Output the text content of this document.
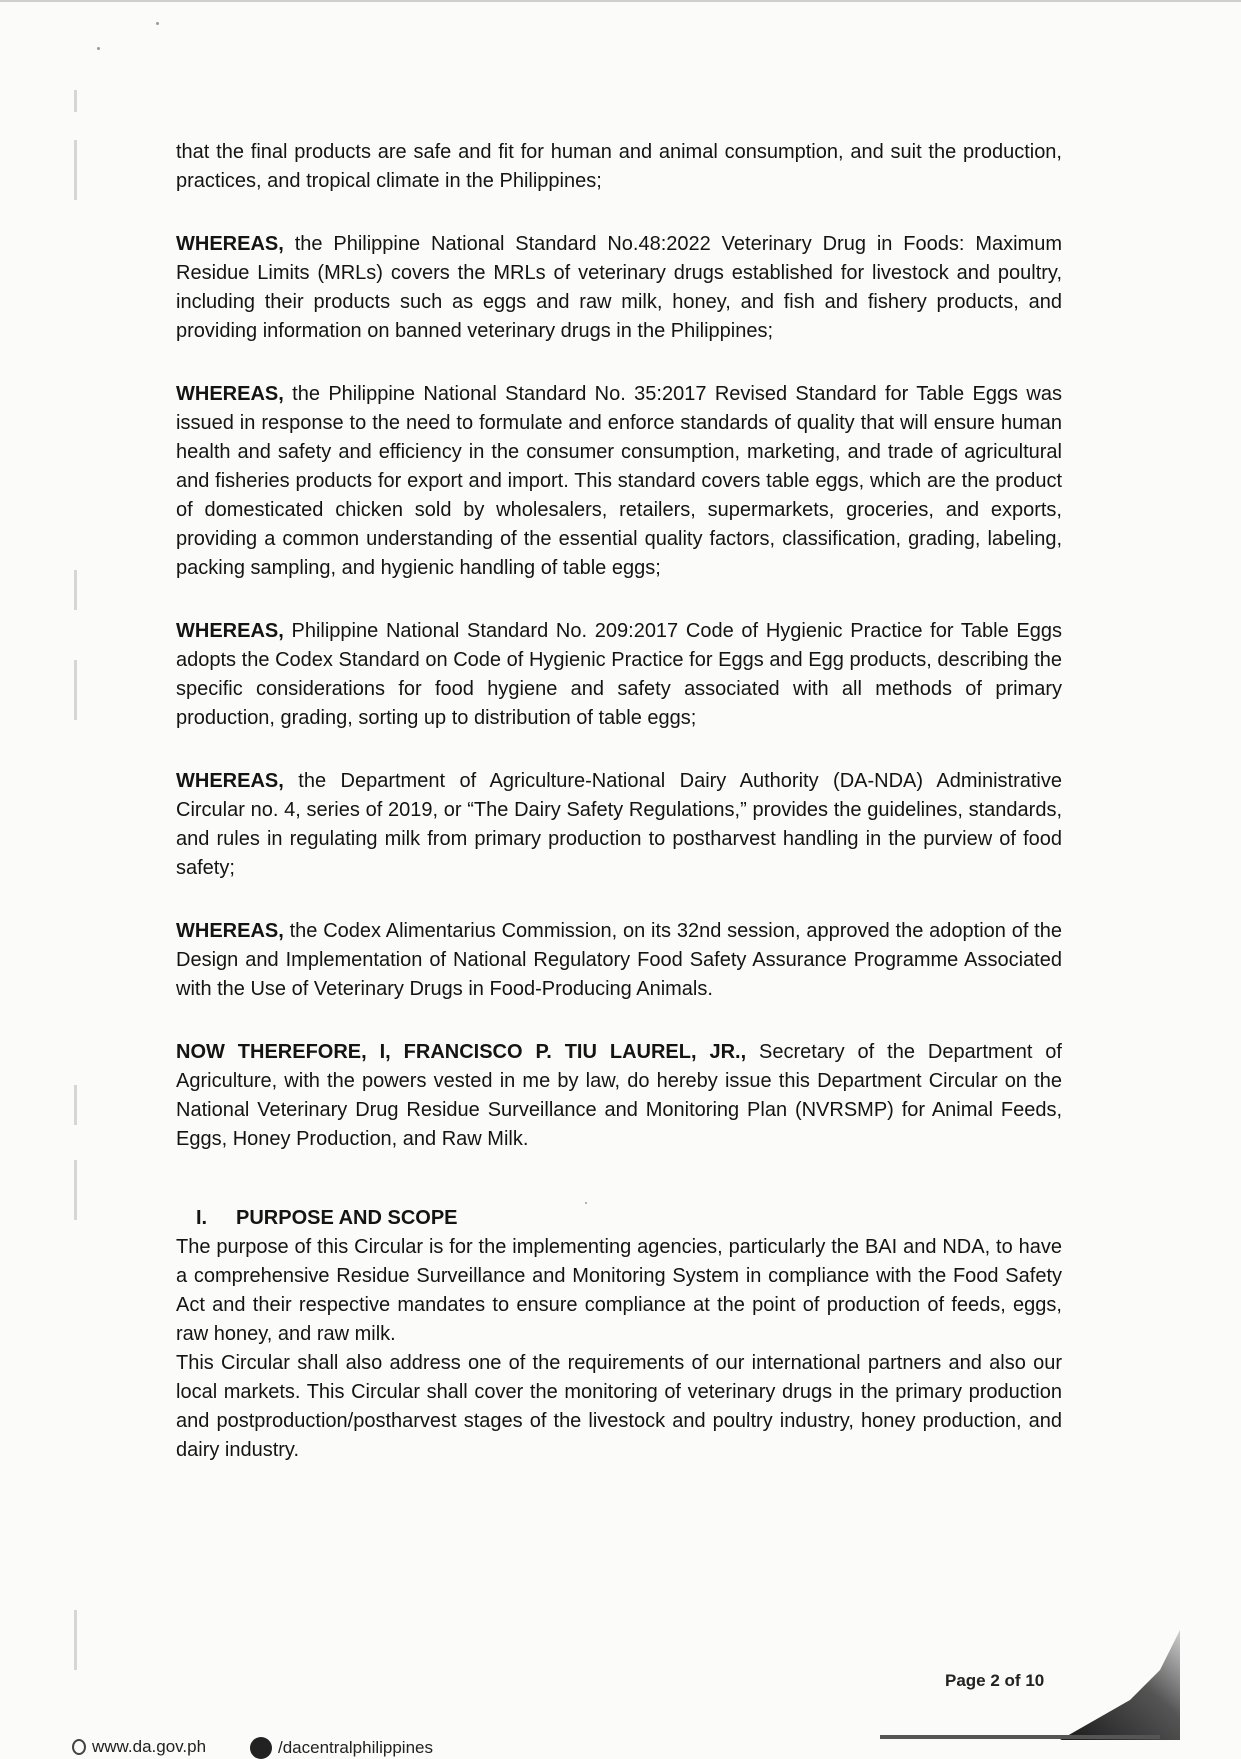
that the final products are safe and fit for human and animal consumption, and suit the production, practices, and tropical climate in the Philippines;

WHEREAS, the Philippine National Standard No.48:2022 Veterinary Drug in Foods: Maximum Residue Limits (MRLs) covers the MRLs of veterinary drugs established for livestock and poultry, including their products such as eggs and raw milk, honey, and fish and fishery products, and providing information on banned veterinary drugs in the Philippines;

WHEREAS, the Philippine National Standard No. 35:2017 Revised Standard for Table Eggs was issued in response to the need to formulate and enforce standards of quality that will ensure human health and safety and efficiency in the consumer consumption, marketing, and trade of agricultural and fisheries products for export and import. This standard covers table eggs, which are the product of domesticated chicken sold by wholesalers, retailers, supermarkets, groceries, and exports, providing a common understanding of the essential quality factors, classification, grading, labeling, packing sampling, and hygienic handling of table eggs;

WHEREAS, Philippine National Standard No. 209:2017 Code of Hygienic Practice for Table Eggs adopts the Codex Standard on Code of Hygienic Practice for Eggs and Egg products, describing the specific considerations for food hygiene and safety associated with all methods of primary production, grading, sorting up to distribution of table eggs;

WHEREAS, the Department of Agriculture-National Dairy Authority (DA-NDA) Administrative Circular no. 4, series of 2019, or “The Dairy Safety Regulations,” provides the guidelines, standards, and rules in regulating milk from primary production to postharvest handling in the purview of food safety;

WHEREAS, the Codex Alimentarius Commission, on its 32nd session, approved the adoption of the Design and Implementation of National Regulatory Food Safety Assurance Programme Associated with the Use of Veterinary Drugs in Food-Producing Animals.

NOW THEREFORE, I, FRANCISCO P. TIU LAUREL, JR., Secretary of the Department of Agriculture, with the powers vested in me by law, do hereby issue this Department Circular on the National Veterinary Drug Residue Surveillance and Monitoring Plan (NVRSMP) for Animal Feeds, Eggs, Honey Production, and Raw Milk.

I.	PURPOSE AND SCOPE

The purpose of this Circular is for the implementing agencies, particularly the BAI and NDA, to have a comprehensive Residue Surveillance and Monitoring System in compliance with the Food Safety Act and their respective mandates to ensure compliance at the point of production of feeds, eggs, raw honey, and raw milk.

This Circular shall also address one of the requirements of our international partners and also our local markets. This Circular shall cover the monitoring of veterinary drugs in the primary production and postproduction/postharvest stages of the livestock and poultry industry, honey production, and dairy industry.

Page 2 of 10
www.da.gov.ph	/dacentralphilippines
